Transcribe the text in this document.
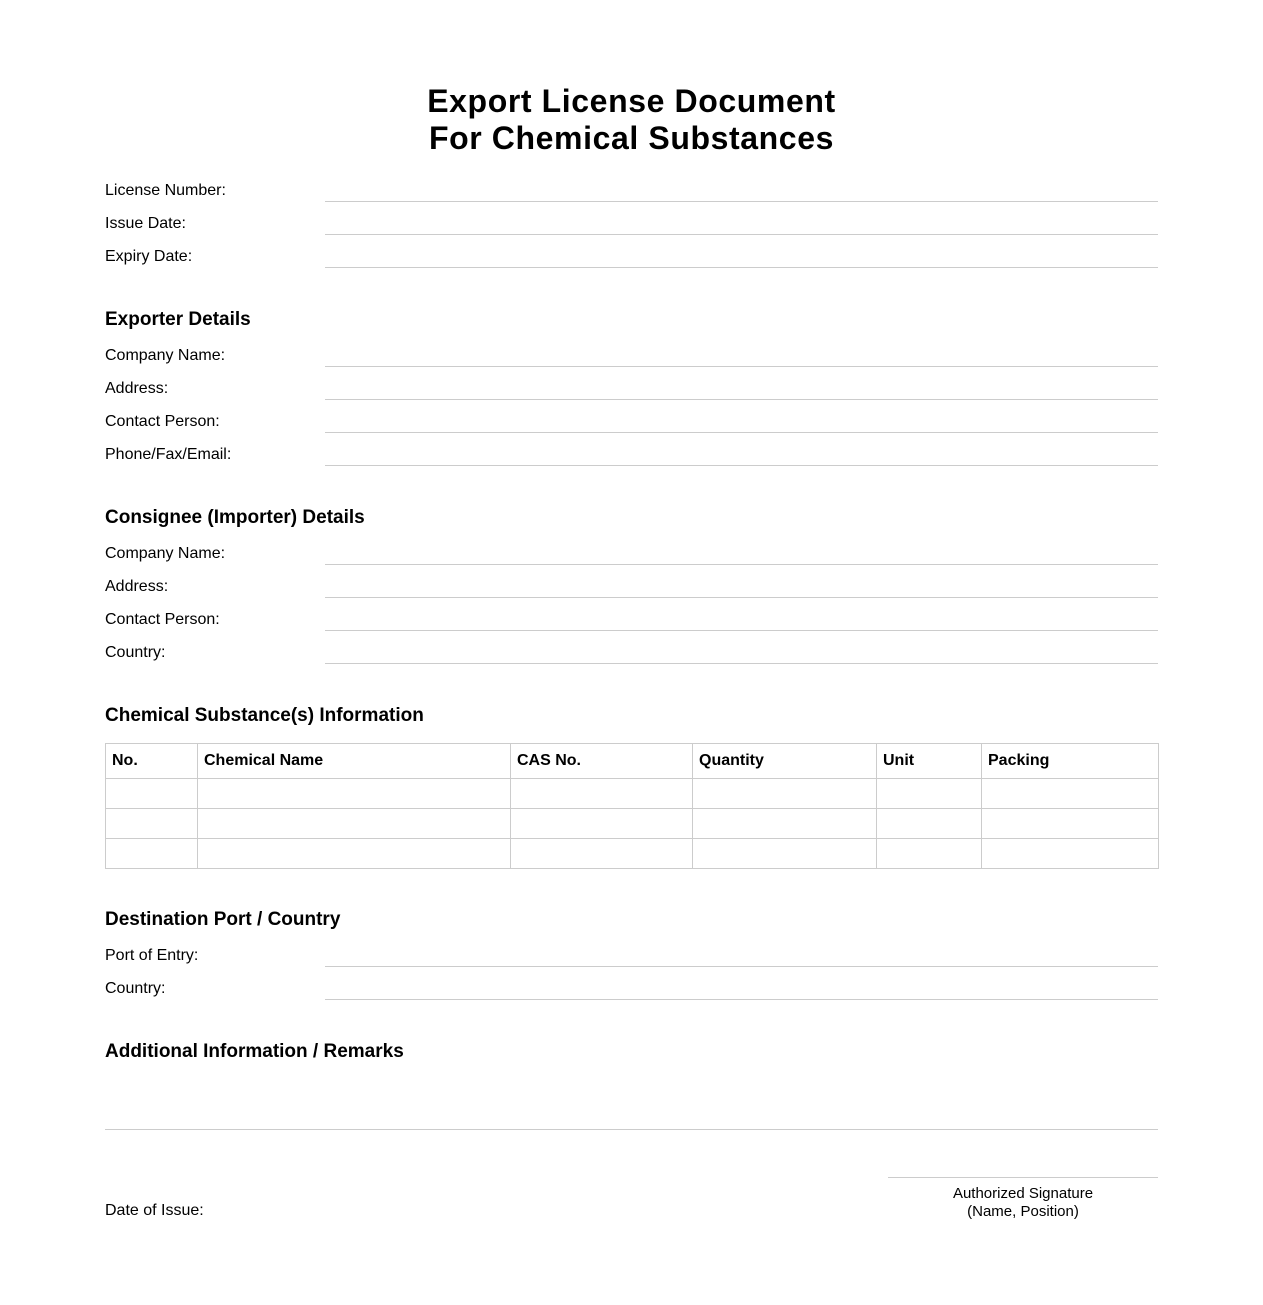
Export License Document
For Chemical Substances
License Number:
Issue Date:
Expiry Date:
Exporter Details
Company Name:
Address:
Contact Person:
Phone/Fax/Email:
Consignee (Importer) Details
Company Name:
Address:
Contact Person:
Country:
Chemical Substance(s) Information
No.	Chemical Name	CAS No.	Quantity	Unit	Packing

Destination Port / Country
Port of Entry:
Country:
Additional Information / Remarks
Date of Issue:
Authorized Signature
(Name, Position)
